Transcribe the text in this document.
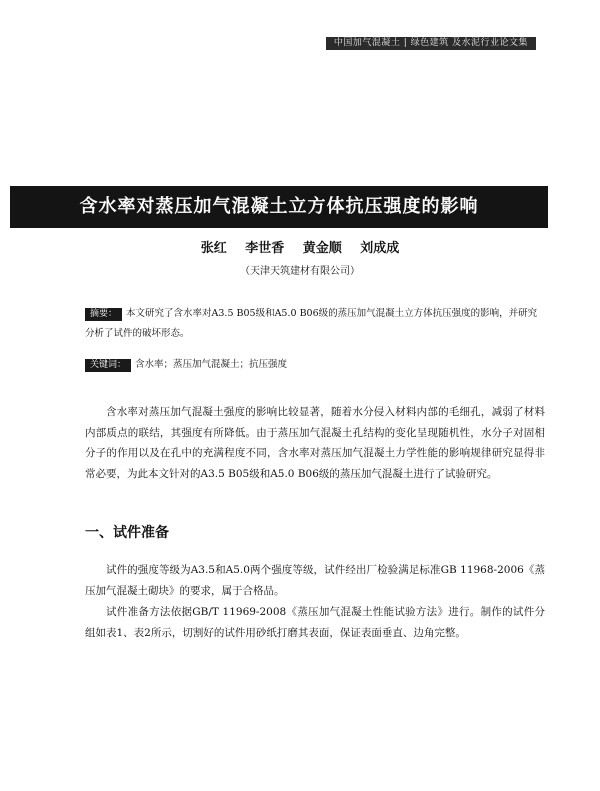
中国加气混凝土 | 绿色建筑 及水泥行业论文集
含水率对蒸压加气混凝土立方体抗压强度的影响
张红 李世香 黄金顺 刘成成
（天津天筑建材有限公司）
摘要： 本文研究了含水率对A3.5 B05级和A5.0 B06级的蒸压加气混凝土立方体抗压强度的影响，并研究分析了试件的破坏形态。
关键词： 含水率；蒸压加气混凝土；抗压强度
含水率对蒸压加气混凝土强度的影响比较显著，随着水分侵入材料内部的毛细孔，减弱了材料内部质点的联结，其强度有所降低。由于蒸压加气混凝土孔结构的变化呈现随机性，水分子对固相分子的作用以及在孔中的充满程度不同，含水率对蒸压加气混凝土力学性能的影响规律研究显得非常必要，为此本文针对的A3.5 B05级和A5.0 B06级的蒸压加气混凝土进行了试验研究。
一、试件准备
试件的强度等级为A3.5和A5.0两个强度等级，试件经出厂检验满足标准GB 11968-2006《蒸压加气混凝土砌块》的要求，属于合格品。
试件准备方法依据GB/T 11969-2008《蒸压加气混凝土性能试验方法》进行。制作的试件分组如表1、表2所示，切割好的试件用砂纸打磨其表面，保证表面垂直、边角完整。
